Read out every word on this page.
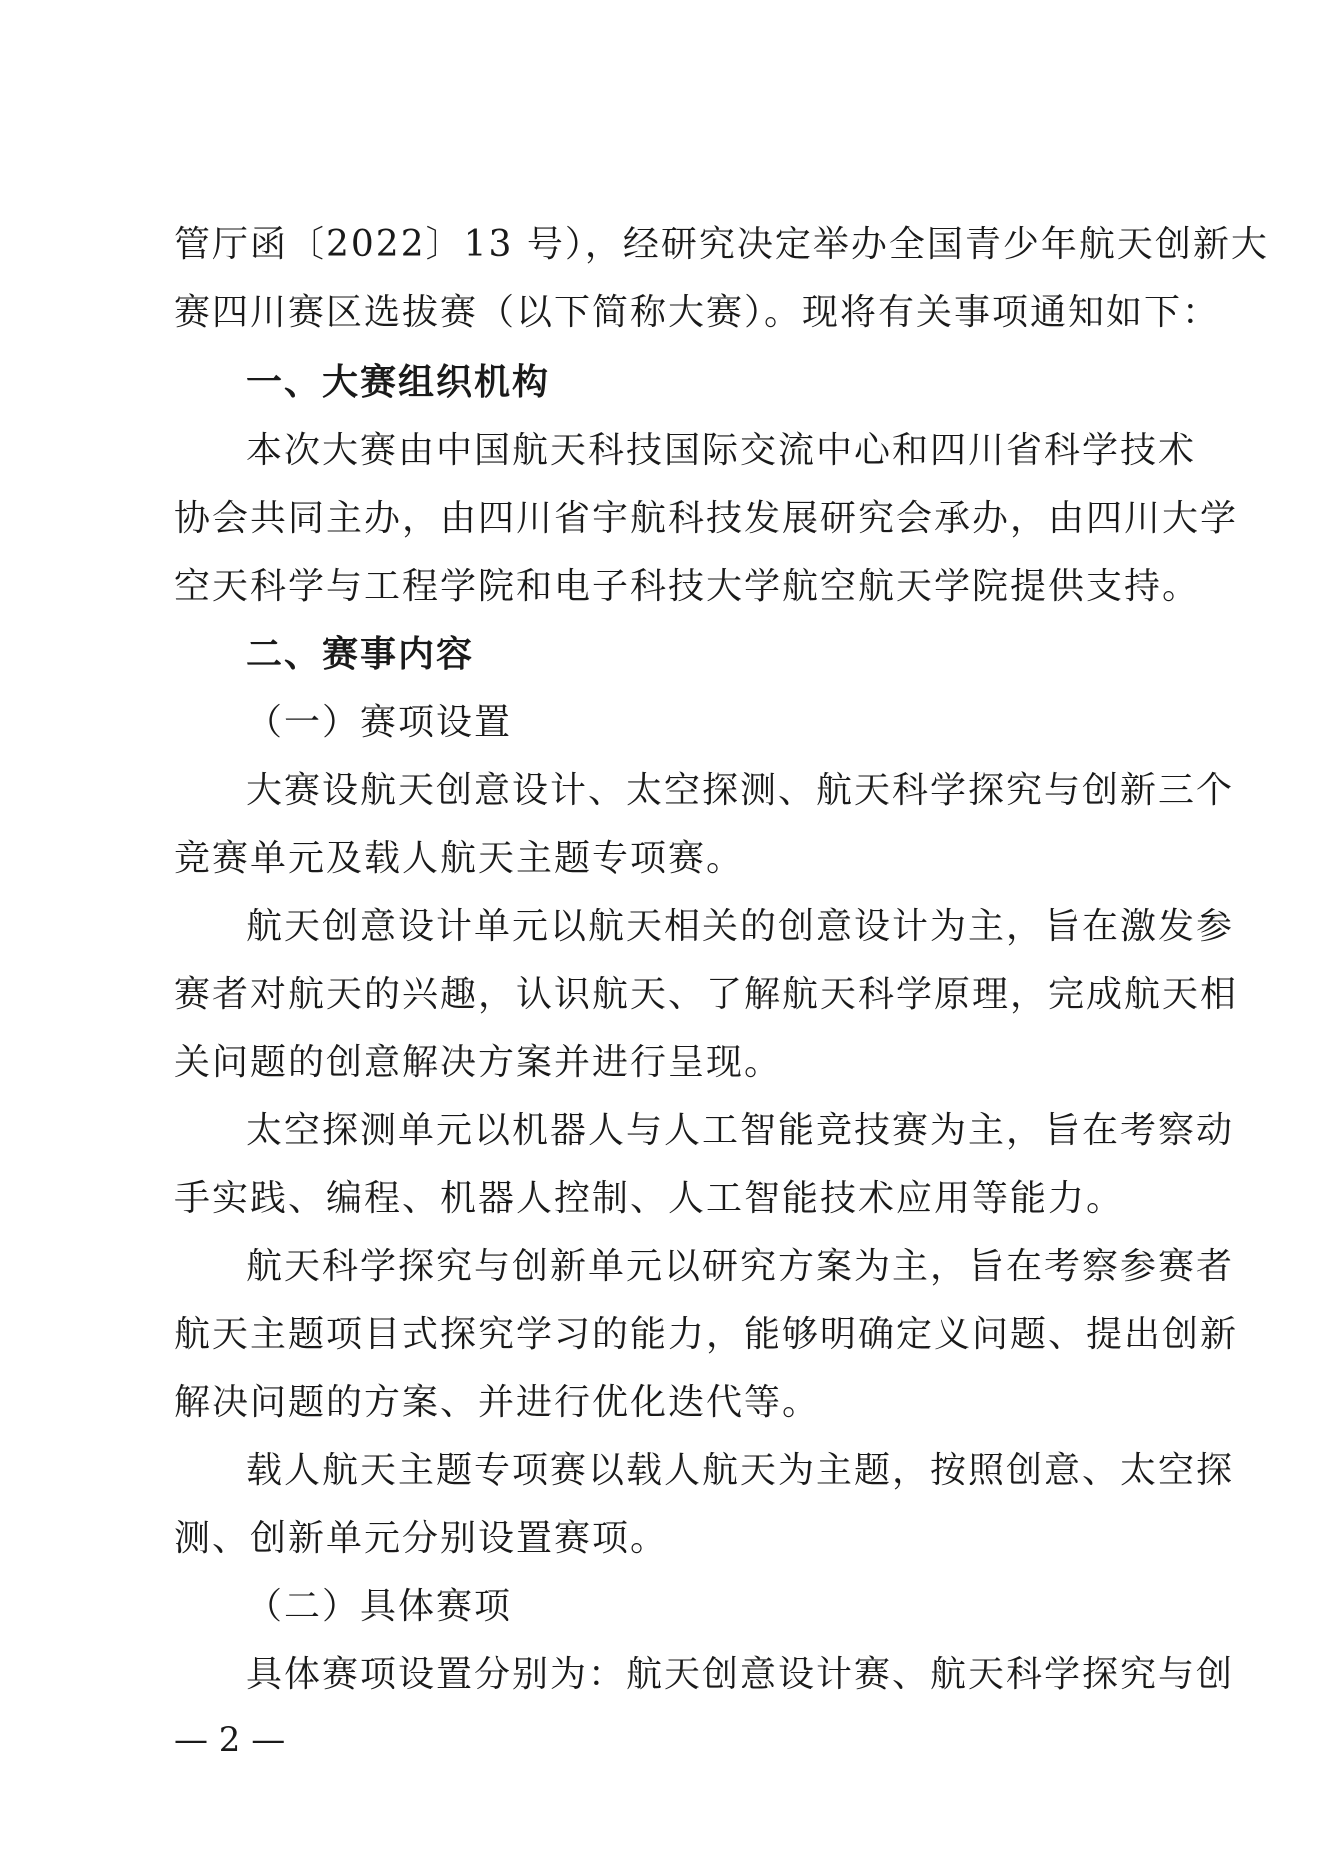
管厅函〔2022〕13 号），经研究决定举办全国青少年航天创新大
赛四川赛区选拔赛（以下简称大赛）。现将有关事项通知如下：
一、大赛组织机构
本次大赛由中国航天科技国际交流中心和四川省科学技术
协会共同主办，由四川省宇航科技发展研究会承办，由四川大学
空天科学与工程学院和电子科技大学航空航天学院提供支持。
二、赛事内容
（一）赛项设置
大赛设航天创意设计、太空探测、航天科学探究与创新三个
竞赛单元及载人航天主题专项赛。
航天创意设计单元以航天相关的创意设计为主，旨在激发参
赛者对航天的兴趣，认识航天、了解航天科学原理，完成航天相
关问题的创意解决方案并进行呈现。
太空探测单元以机器人与人工智能竞技赛为主，旨在考察动
手实践、编程、机器人控制、人工智能技术应用等能力。
航天科学探究与创新单元以研究方案为主，旨在考察参赛者
航天主题项目式探究学习的能力，能够明确定义问题、提出创新
解决问题的方案、并进行优化迭代等。
载人航天主题专项赛以载人航天为主题，按照创意、太空探
测、创新单元分别设置赛项。
（二）具体赛项
具体赛项设置分别为：航天创意设计赛、航天科学探究与创
— 2 —
